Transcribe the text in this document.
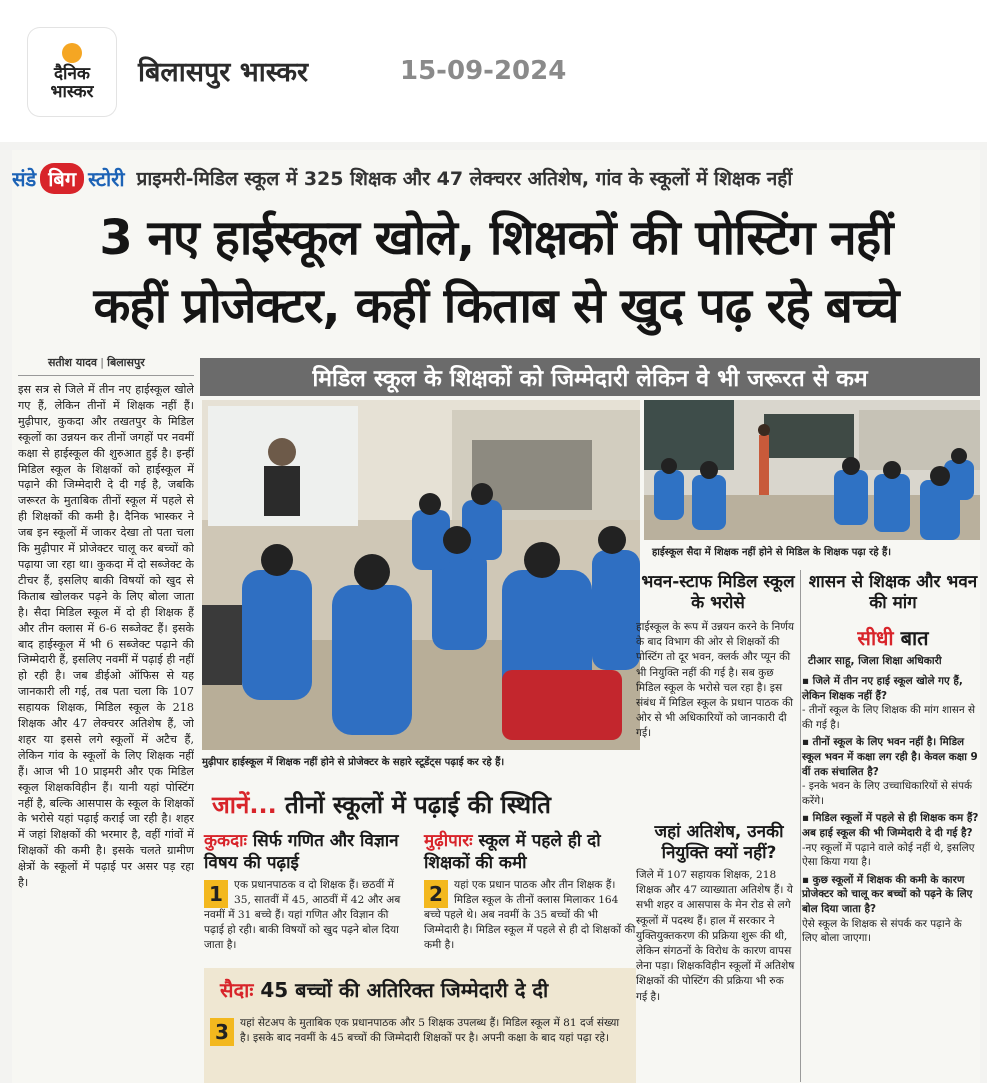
दैनिक
भास्कर
बिलासपुर भास्कर	15-09-2024
संडे बिग स्टोरी प्राइमरी-मिडिल स्कूल में 325 शिक्षक और 47 लेक्चरर अतिशेष, गांव के स्कूलों में शिक्षक नहीं
3 नए हाईस्कूल खोले, शिक्षकों की पोस्टिंग नहीं
कहीं प्रोजेक्टर, कहीं किताब से खुद पढ़ रहे बच्चे
सतीश यादव | बिलासपुर
इस सत्र से जिले में तीन नए हाईस्कूल खोले गए हैं, लेकिन तीनों में शिक्षक नहीं हैं। मुढ़ीपार, कुकदा और तखतपुर के मिडिल स्कूलों का उन्नयन कर तीनों जगहों पर नवमीं कक्षा से हाईस्कूल की शुरुआत हुई है। इन्हीं मिडिल स्कूल के शिक्षकों को हाईस्कूल में पढ़ाने की जिम्मेदारी दे दी गई है, जबकि जरूरत के मुताबिक तीनों स्कूल में पहले से ही शिक्षकों की कमी है। दैनिक भास्कर ने जब इन स्कूलों में जाकर देखा तो पता चला कि मुढ़ीपार में प्रोजेक्टर चालू कर बच्चों को पढ़ाया जा रहा था। कुकदा में दो सब्जेक्ट के टीचर हैं, इसलिए बाकी विषयों को खुद से किताब खोलकर पढ़ने के लिए बोला जाता है। सैदा मिडिल स्कूल में दो ही शिक्षक हैं और तीन क्लास में 6-6 सब्जेक्ट हैं। इसके बाद हाईस्कूल में भी 6 सब्जेक्ट पढ़ाने की जिम्मेदारी हैं, इसलिए नवमीं में पढ़ाई ही नहीं हो रही है। जब डीईओ ऑफिस से यह जानकारी ली गई, तब पता चला कि 107 सहायक शिक्षक, मिडिल स्कूल के 218 शिक्षक और 47 लेक्चरर अतिशेष हैं, जो शहर या इससे लगे स्कूलों में अटैच हैं, लेकिन गांव के स्कूलों के लिए शिक्षक नहीं हैं। आज भी 10 प्राइमरी और एक मिडिल स्कूल शिक्षकविहीन हैं। यानी यहां पोस्टिंग नहीं है, बल्कि आसपास के स्कूल के शिक्षकों के भरोसे यहां पढ़ाई कराई जा रही है। शहर में जहां शिक्षकों की भरमार है, वहीं गांवों में शिक्षकों की कमी है। इसके चलते ग्रामीण क्षेत्रों के स्कूलों में पढ़ाई पर असर पड़ रहा है।
मिडिल स्कूल के शिक्षकों को जिम्मेदारी लेकिन वे भी जरूरत से कम
मुढ़ीपार हाईस्कूल में शिक्षक नहीं होने से प्रोजेक्टर के सहारे स्टूडेंट्स पढ़ाई कर रहे हैं।
हाईस्कूल सैदा में शिक्षक नहीं होने से मिडिल के शिक्षक पढ़ा रहे हैं।
जानें... तीनों स्कूलों में पढ़ाई की स्थिति
कुकदाः सिर्फ गणित और विज्ञान विषय की पढ़ाई
1	एक प्रधानपाठक व दो शिक्षक हैं। छठवीं में 35, सातवीं में 45, आठवीं में 42 और अब नवमीं में 31 बच्चे हैं। यहां गणित और विज्ञान की पढ़ाई हो रही। बाकी विषयों को खुद पढ़ने बोल दिया जाता है।
मुढ़ीपारः स्कूल में पहले ही दो शिक्षकों की कमी
2	यहां एक प्रधान पाठक और तीन शिक्षक हैं। मिडिल स्कूल के तीनों क्लास मिलाकर 164 बच्चे पहले थे। अब नवमीं के 35 बच्चों की भी जिम्मेदारी है। मिडिल स्कूल में पहले से ही दो शिक्षकों की कमी है।
सैदाः 45 बच्चों की अतिरिक्त जिम्मेदारी दे दी
3	यहां सेटअप के मुताबिक एक प्रधानपाठक और 5 शिक्षक उपलब्ध हैं। मिडिल स्कूल में 81 दर्ज संख्या है। इसके बाद नवमीं के 45 बच्चों की जिम्मेदारी शिक्षकों पर है। अपनी कक्षा के बाद यहां पढ़ा रहे।
भवन-स्टाफ मिडिल स्कूल के भरोसे
हाईस्कूल के रूप में उन्नयन करने के निर्णय के बाद विभाग की ओर से शिक्षकों की पोस्टिंग तो दूर भवन, क्लर्क और प्यून की भी नियुक्ति नहीं की गई है। सब कुछ मिडिल स्कूल के भरोसे चल रहा है। इस संबंध में मिडिल स्कूल के प्रधान पाठक की ओर से भी अधिकारियों को जानकारी दी गई।
शासन से शिक्षक और भवन की मांग
सीधी बात
टीआर साहू, जिला शिक्षा अधिकारी
▪ जिले में तीन नए हाई स्कूल खोले गए हैं, लेकिन शिक्षक नहीं हैं?
- तीनों स्कूल के लिए शिक्षक की मांग शासन से की गई है।
▪ तीनों स्कूल के लिए भवन नहीं है। मिडिल स्कूल भवन में कक्षा लग रही है। केवल कक्षा 9 वीं तक संचालित है?
- इनके भवन के लिए उच्चाधिकारियों से संपर्क करेंगे।
▪ मिडिल स्कूलों में पहले से ही शिक्षक कम हैं? अब हाई स्कूल की भी जिम्मेदारी दे दी गई है?
-नए स्कूलों में पढ़ाने वाले कोई नहीं थे, इसलिए ऐसा किया गया है।
▪ कुछ स्कूलों में शिक्षक की कमी के कारण प्रोजेक्टर को चालू कर बच्चों को पढ़ने के लिए बोल दिया जाता है?
ऐसे स्कूल के शिक्षक से संपर्क कर पढ़ाने के लिए बोला जाएगा।
जहां अतिशेष, उनकी नियुक्ति क्यों नहीं?
जिले में 107 सहायक शिक्षक, 218 शिक्षक और 47 व्याख्याता अतिशेष हैं। ये सभी शहर व आसपास के मेन रोड से लगे स्कूलों में पदस्थ हैं। हाल में सरकार ने युक्तियुक्तकरण की प्रक्रिया शुरू की थी, लेकिन संगठनों के विरोध के कारण वापस लेना पड़ा। शिक्षकविहीन स्कूलों में अतिशेष शिक्षकों की पोस्टिंग की प्रक्रिया भी रुक गई है।
